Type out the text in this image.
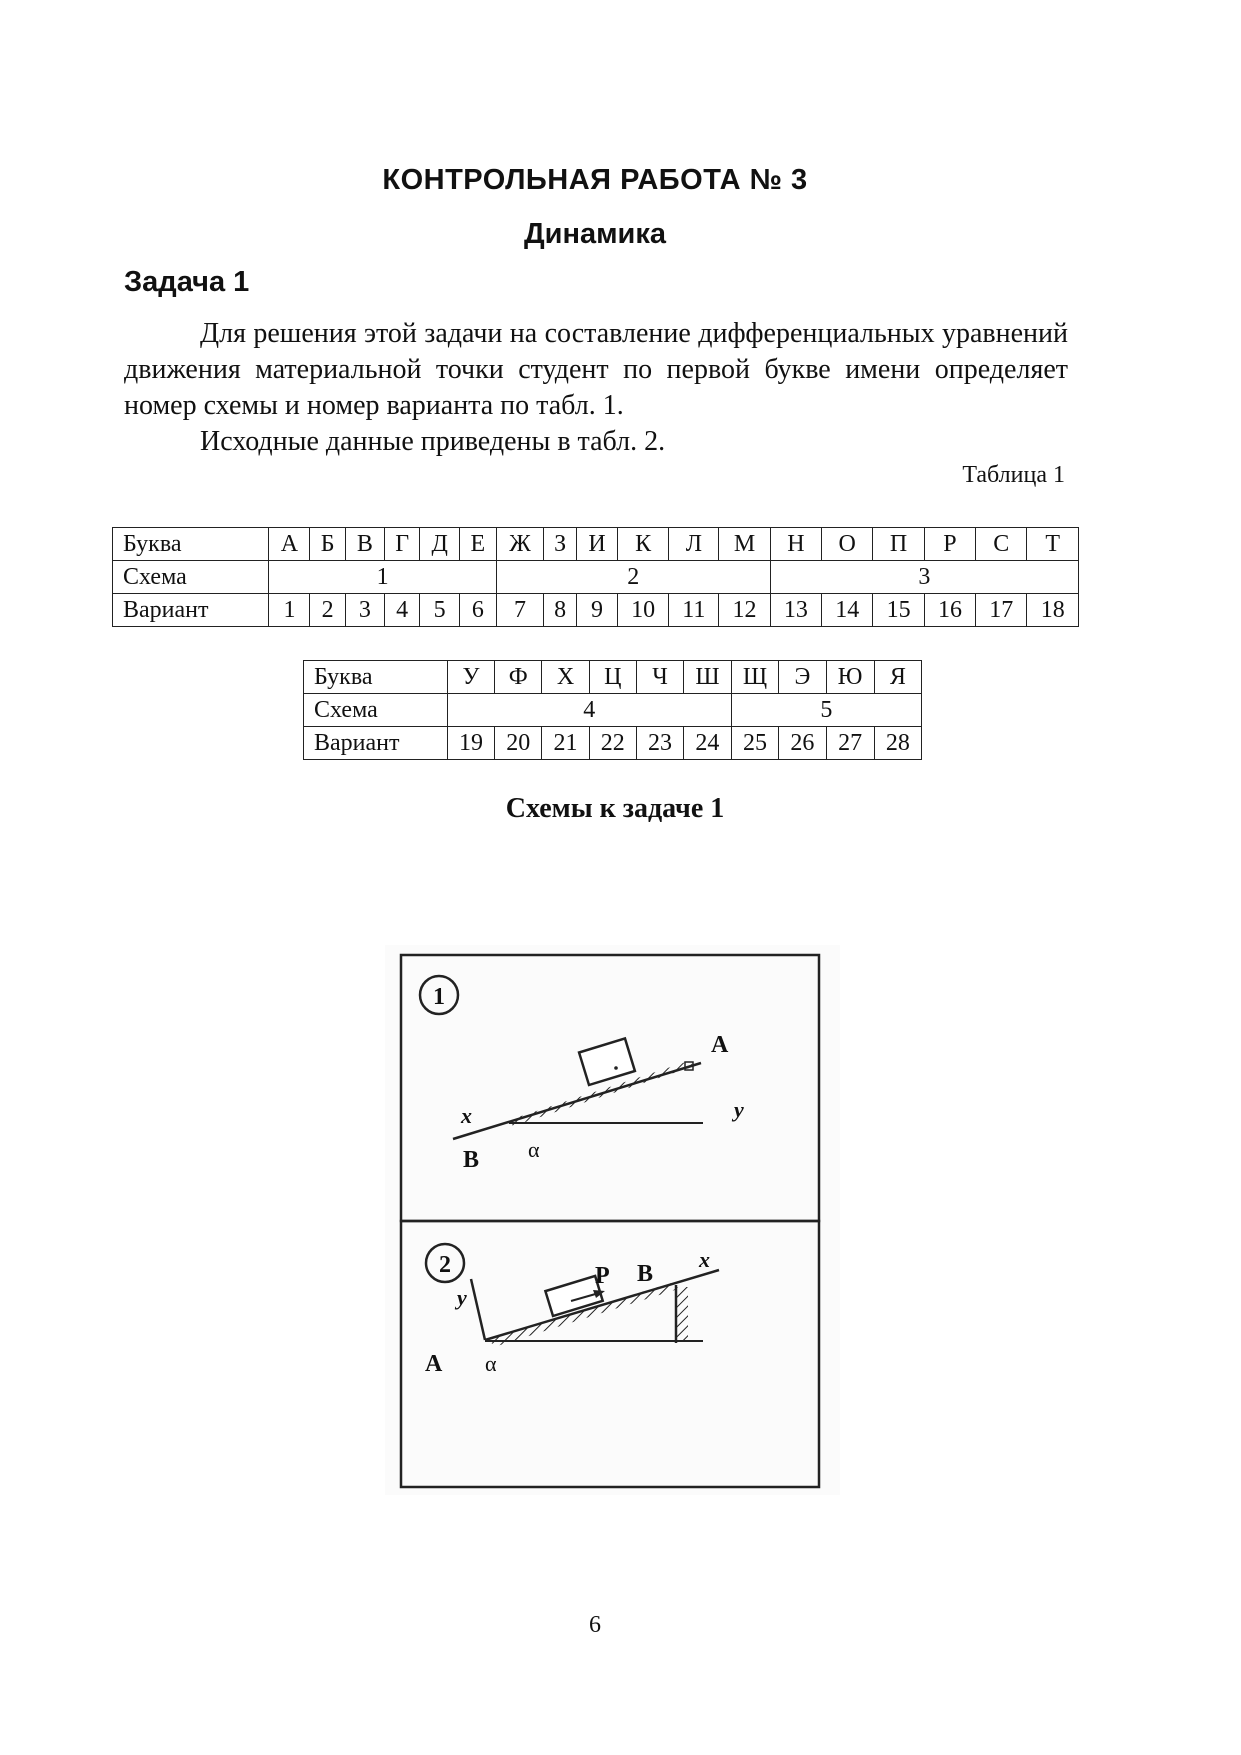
КОНТРОЛЬНАЯ РАБОТА № 3
Динамика
Задача 1
Для решения этой задачи на составление дифференциальных уравнений движения материальной точки студент по первой букве имени определяет номер схемы и номер варианта по табл. 1.
Исходные данные приведены в табл. 2.
Таблица 1
Буква	А	Б	В	Г	Д	Е	Ж	З	И	К	Л	М	Н	О	П	Р	С	Т
Схема	1						2						3					
Вариант	1	2	3	4	5	6	7	8	9	10	11	12	13	14	15	16	17	18
Буква	У	Ф	Х	Ц	Ч	Ш	Щ	Э	Ю	Я
Схема	4						5			
Вариант	19	20	21	22	23	24	25	26	27	28
Схемы к задаче 1
1
A
B
x	y
α
2	P B
A
y
x
α
6
